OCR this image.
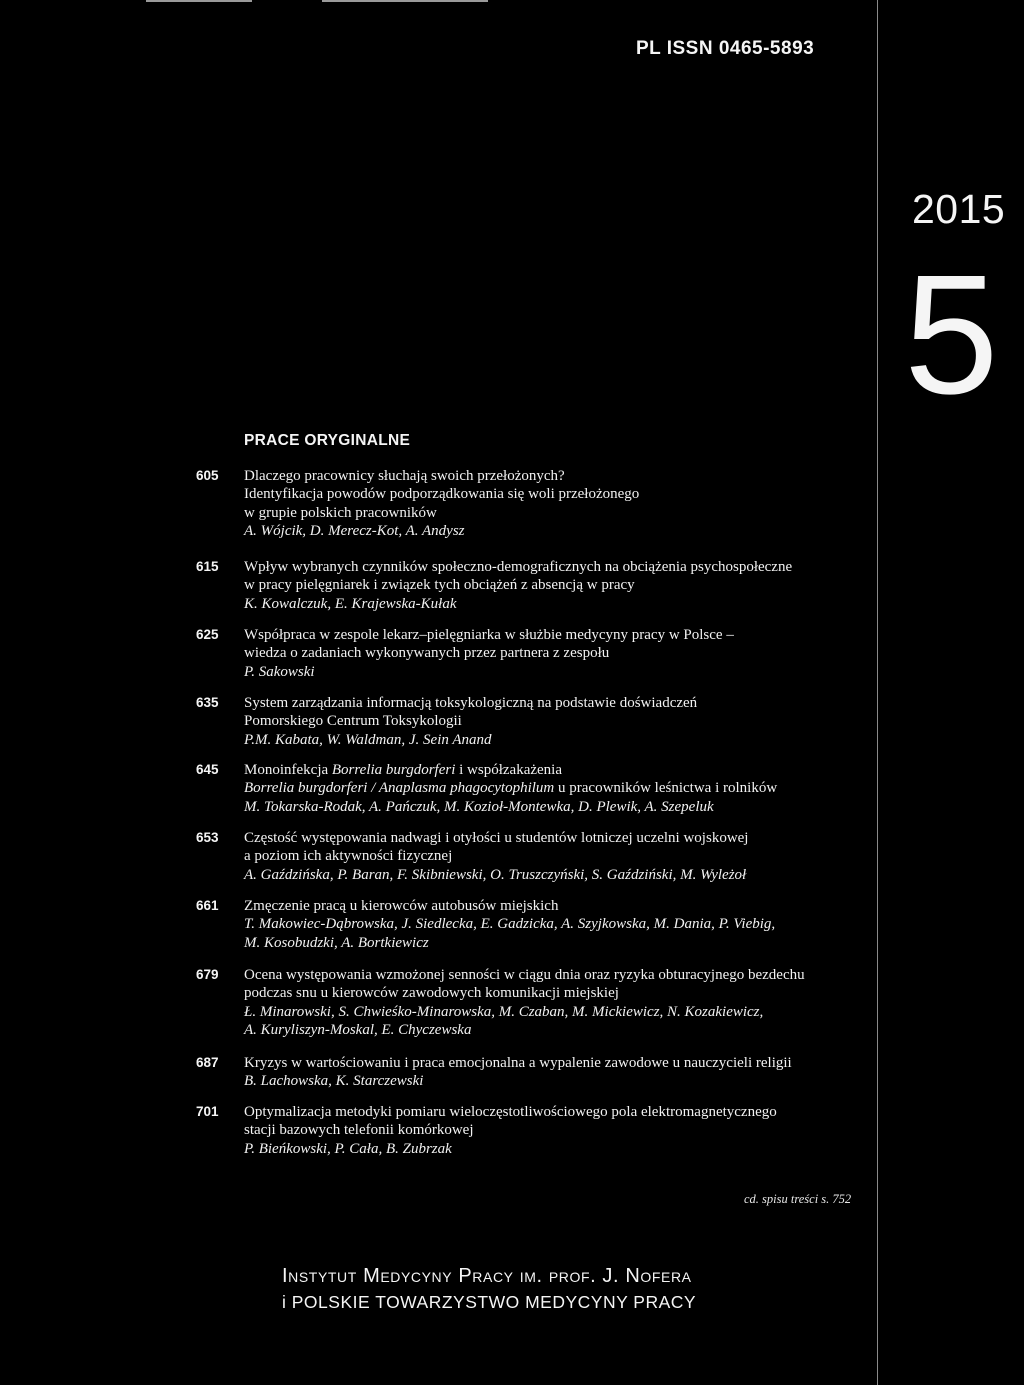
PL ISSN 0465-5893
2015
5
PRACE ORYGINALNE
605 Dlaczego pracownicy słuchają swoich przełożonych?
Identyfikacja powodów podporządkowania się woli przełożonego
w grupie polskich pracowników
A. Wójcik, D. Merecz-Kot, A. Andysz
615 Wpływ wybranych czynników społeczno-demograficznych na obciążenia psychospołeczne
w pracy pielęgniarek i związek tych obciążeń z absencją w pracy
K. Kowalczuk, E. Krajewska-Kułak
625 Współpraca w zespole lekarz–pielęgniarka w służbie medycyny pracy w Polsce –
wiedza o zadaniach wykonywanych przez partnera z zespołu
P. Sakowski
635 System zarządzania informacją toksykologiczną na podstawie doświadczeń
Pomorskiego Centrum Toksykologii
P.M. Kabata, W. Waldman, J. Sein Anand
645 Monoinfekcja Borrelia burgdorferi i współzakażenia
Borrelia burgdorferi / Anaplasma phagocytophilum u pracowników leśnictwa i rolników
M. Tokarska-Rodak, A. Pańczuk, M. Kozioł-Montewka, D. Plewik, A. Szepeluk
653 Częstość występowania nadwagi i otyłości u studentów lotniczej uczelni wojskowej
a poziom ich aktywności fizycznej
A. Gaździńska, P. Baran, F. Skibniewski, O. Truszczyński, S. Gaździński, M. Wyleżoł
661 Zmęczenie pracą u kierowców autobusów miejskich
T. Makowiec-Dąbrowska, J. Siedlecka, E. Gadzicka, A. Szyjkowska, M. Dania, P. Viebig,
M. Kosobudzki, A. Bortkiewicz
679 Ocena występowania wzmożonej senności w ciągu dnia oraz ryzyka obturacyjnego bezdechu
podczas snu u kierowców zawodowych komunikacji miejskiej
Ł. Minarowski, S. Chwieśko-Minarowska, M. Czaban, M. Mickiewicz, N. Kozakiewicz,
A. Kuryliszyn-Moskal, E. Chyczewska
687 Kryzys w wartościowaniu i praca emocjonalna a wypalenie zawodowe u nauczycieli religii
B. Lachowska, K. Starczewski
701 Optymalizacja metodyki pomiaru wieloczęstotliwościowego pola elektromagnetycznego
stacji bazowych telefonii komórkowej
P. Bieńkowski, P. Cała, B. Zubrzak
cd. spisu treści s. 752
Instytut Medycyny Pracy im. prof. J. Nofera
i POLSKIE TOWARZYSTWO MEDYCYNY PRACY
